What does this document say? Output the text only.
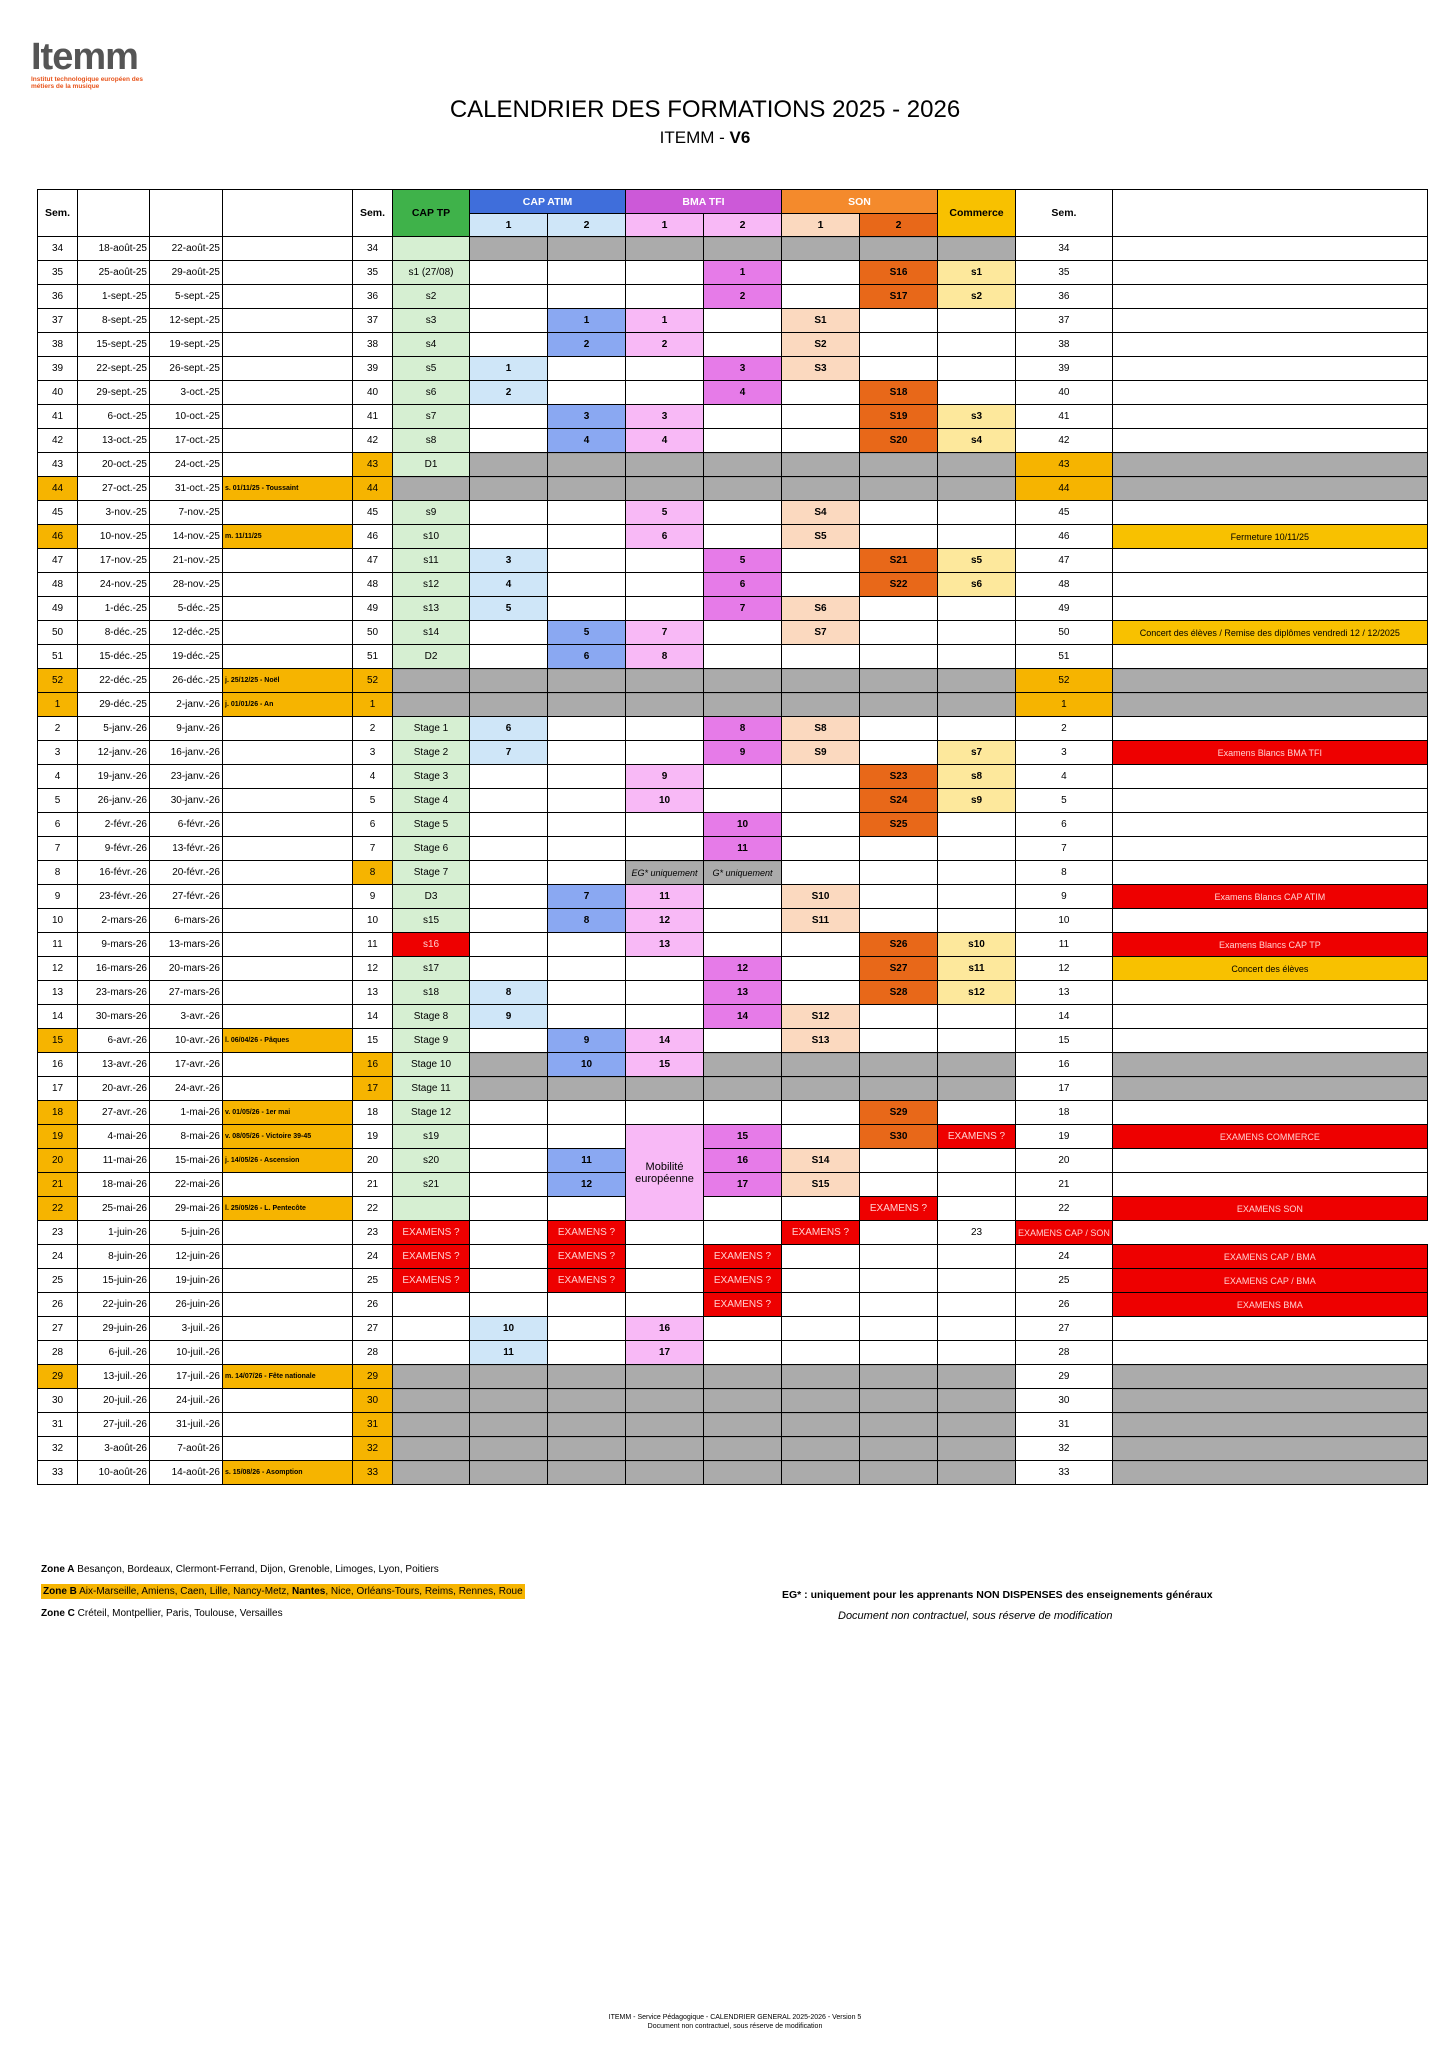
Itemm
Institut technologique européen des métiers de la musique
CALENDRIER DES FORMATIONS 2025 - 2026
ITEMM - V6
Sem.				Sem.	CAP TP	CAP ATIM		BMA TFI		SON		Commerce	Sem.	
						1	2	1	2	1	2			
34	18-août-25	22-août-25		34									34	
35	25-août-25	29-août-25		35	s1 (27/08)				1		S16	s1	35	
36	1-sept.-25	5-sept.-25		36	s2				2		S17	s2	36	
37	8-sept.-25	12-sept.-25		37	s3		1	1		S1			37	
38	15-sept.-25	19-sept.-25		38	s4		2	2		S2			38	
39	22-sept.-25	26-sept.-25		39	s5	1			3	S3			39	
40	29-sept.-25	3-oct.-25		40	s6	2			4		S18		40	
41	6-oct.-25	10-oct.-25		41	s7		3	3			S19	s3	41	
42	13-oct.-25	17-oct.-25		42	s8		4	4			S20	s4	42	
43	20-oct.-25	24-oct.-25		43	D1								43	
44	27-oct.-25	31-oct.-25	s. 01/11/25 - Toussaint	44									44	
45	3-nov.-25	7-nov.-25		45	s9			5		S4			45	
46	10-nov.-25	14-nov.-25	m. 11/11/25	46	s10			6		S5			46	Fermeture 10/11/25
47	17-nov.-25	21-nov.-25		47	s11	3			5		S21	s5	47	
48	24-nov.-25	28-nov.-25		48	s12	4			6		S22	s6	48	
49	1-déc.-25	5-déc.-25		49	s13	5			7	S6			49	
50	8-déc.-25	12-déc.-25		50	s14		5	7		S7			50	Concert des élèves / Remise des diplômes vendredi 12 / 12/2025
51	15-déc.-25	19-déc.-25		51	D2		6	8					51	
52	22-déc.-25	26-déc.-25	j. 25/12/25 - Noël	52									52	
1	29-déc.-25	2-janv.-26	j. 01/01/26 - An	1									1	
2	5-janv.-26	9-janv.-26		2	Stage 1	6			8	S8			2	
3	12-janv.-26	16-janv.-26		3	Stage 2	7			9	S9		s7	3	Examens Blancs BMA TFI
4	19-janv.-26	23-janv.-26		4	Stage 3			9			S23	s8	4	
5	26-janv.-26	30-janv.-26		5	Stage 4			10			S24	s9	5	
6	2-févr.-26	6-févr.-26		6	Stage 5				10		S25		6	
7	9-févr.-26	13-févr.-26		7	Stage 6				11				7	
8	16-févr.-26	20-févr.-26		8	Stage 7			EG* uniquement	G* uniquement				8	
9	23-févr.-26	27-févr.-26		9	D3		7	11		S10			9	Examens Blancs CAP ATIM
10	2-mars-26	6-mars-26		10	s15		8	12		S11			10	
11	9-mars-26	13-mars-26		11	s16			13			S26	s10	11	Examens Blancs CAP TP
12	16-mars-26	20-mars-26		12	s17				12		S27	s11	12	Concert des élèves
13	23-mars-26	27-mars-26		13	s18	8			13		S28	s12	13	
14	30-mars-26	3-avr.-26		14	Stage 8	9			14	S12			14	
15	6-avr.-26	10-avr.-26	l. 06/04/26 - Pâques	15	Stage 9		9	14		S13			15	
16	13-avr.-26	17-avr.-26		16	Stage 10		10	15					16	
17	20-avr.-26	24-avr.-26		17	Stage 11								17	
18	27-avr.-26	1-mai-26	v. 01/05/26 - 1er mai	18	Stage 12						S29		18	
19	4-mai-26	8-mai-26	v. 08/05/26 - Victoire 39-45	19	s19			Mobilité européenne	15		S30	EXAMENS ?	19	EXAMENS COMMERCE
20	11-mai-26	15-mai-26	j. 14/05/26 - Ascension	20	s20		11		16	S14			20	
21	18-mai-26	22-mai-26		21	s21		12		17	S15			21	
22	25-mai-26	29-mai-26	l. 25/05/26 - L. Pentecôte	22							EXAMENS ?		22	EXAMENS SON
23	1-juin-26	5-juin-26		23	EXAMENS ?		EXAMENS ?			EXAMENS ?		23	EXAMENS CAP / SON	
24	8-juin-26	12-juin-26		24	EXAMENS ?		EXAMENS ?		EXAMENS ?				24	EXAMENS CAP / BMA
25	15-juin-26	19-juin-26		25	EXAMENS ?		EXAMENS ?		EXAMENS ?				25	EXAMENS CAP / BMA
26	22-juin-26	26-juin-26		26					EXAMENS ?				26	EXAMENS BMA
27	29-juin-26	3-juil.-26		27		10		16					27	
28	6-juil.-26	10-juil.-26		28		11		17					28	
29	13-juil.-26	17-juil.-26	m. 14/07/26 - Fête nationale	29									29	
30	20-juil.-26	24-juil.-26		30									30	
31	27-juil.-26	31-juil.-26		31									31	
32	3-août-26	7-août-26		32									32	
33	10-août-26	14-août-26	s. 15/08/26 - Asomption	33									33	
Zone A Besançon, Bordeaux, Clermont-Ferrand, Dijon, Grenoble, Limoges, Lyon, Poitiers
Zone B Aix-Marseille, Amiens, Caen, Lille, Nancy-Metz, Nantes, Nice, Orléans-Tours, Reims, Rennes, Roue
Zone C Créteil, Montpellier, Paris, Toulouse, Versailles
EG* : uniquement pour les apprenants NON DISPENSES des enseignements généraux
Document non contractuel, sous réserve de modification
ITEMM - Service Pédagogique - CALENDRIER GENERAL 2025-2026 - Version 5
Document non contractuel, sous réserve de modification
